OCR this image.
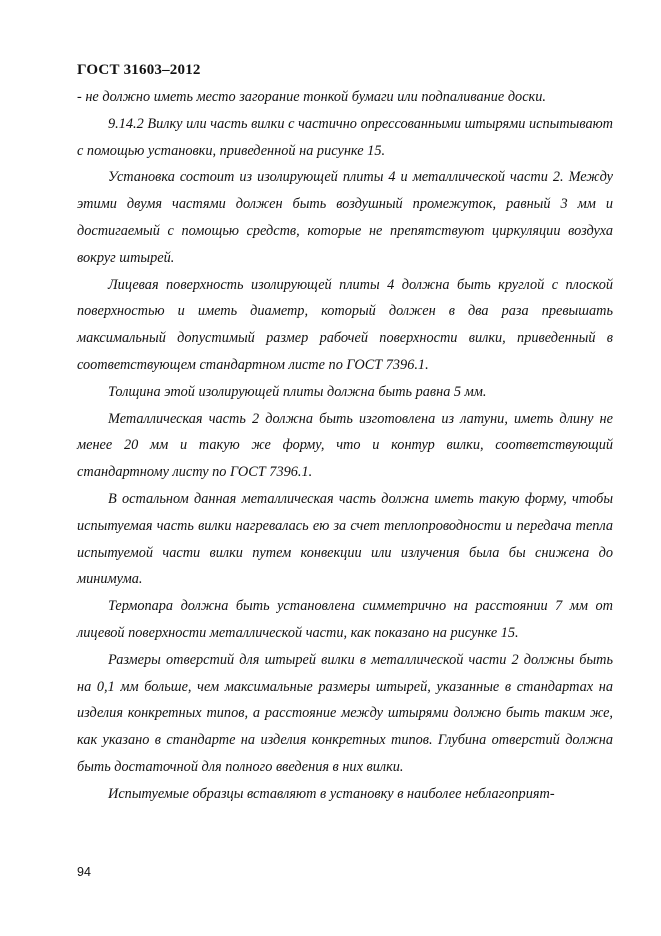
ГОСТ 31603–2012

- не должно иметь место загорание тонкой бумаги или подпаливание доски.

9.14.2 Вилку или часть вилки с частично опрессованными штырями испытывают с помощью установки, приведенной на рисунке 15.

Установка состоит из изолирующей плиты 4 и металлической части 2. Между этими двумя частями должен быть воздушный промежуток, равный 3 мм и достигаемый с помощью средств, которые не препятствуют циркуляции воздуха вокруг штырей.

Лицевая поверхность изолирующей плиты 4 должна быть круглой с плоской поверхностью и иметь диаметр, который должен в два раза превышать максимальный допустимый размер рабочей поверхности вилки, приведенный в соответствующем стандартном листе по ГОСТ 7396.1.

Толщина этой изолирующей плиты должна быть равна 5 мм.

Металлическая часть 2 должна быть изготовлена из латуни, иметь длину не менее 20 мм и такую же форму, что и контур вилки, соответствующий стандартному листу по ГОСТ 7396.1.

В остальном данная металлическая часть должна иметь такую форму, чтобы испытуемая часть вилки нагревалась ею за счет теплопроводности и передача тепла испытуемой части вилки путем конвекции или излучения была бы снижена до минимума.

Термопара должна быть установлена симметрично на расстоянии 7 мм от лицевой поверхности металлической части, как показано на рисунке 15.

Размеры отверстий для штырей вилки в металлической части 2 должны быть на 0,1 мм больше, чем максимальные размеры штырей, указанные в стандартах на изделия конкретных типов, а расстояние между штырями должно быть таким же, как указано в стандарте на изделия конкретных типов. Глубина отверстий должна быть достаточной для полного введения в них вилки.

Испытуемые образцы вставляют в установку в наиболее неблагоприят-

94
